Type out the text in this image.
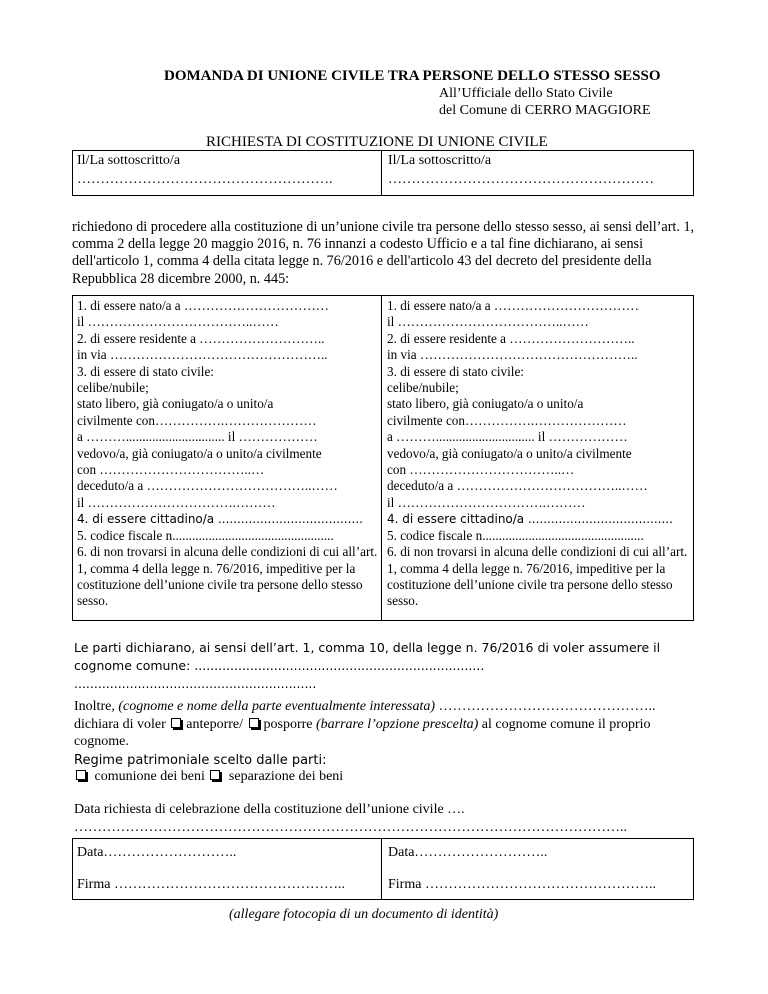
DOMANDA DI UNIONE CIVILE TRA PERSONE DELLO STESSO SESSO
All’Ufficiale dello Stato Civile
del Comune di CERRO MAGGIORE
RICHIESTA DI COSTITUZIONE DI UNIONE CIVILE
Il/La sottoscritto/a
……………………………………………….
Il/La sottoscritto/a
…………………………………………………
richiedono di procedere alla costituzione di un’unione civile tra persone dello stesso sesso, ai sensi dell’art. 1, comma 2 della legge 20 maggio 2016, n. 76 innanzi a codesto Ufficio e a tal fine dichiarano, ai sensi dell'articolo 1, comma 4 della citata legge n. 76/2016 e dell'articolo 43 del decreto del presidente della Repubblica 28 dicembre 2000, n. 445:
1. di essere nato/a a ……………………………
il ………………………………..……
2. di essere residente a ………………………..
in via …………………………………………..
3. di essere di stato civile:
celibe/nubile;
stato libero, già coniugato/a o unito/a
civilmente con…………….…………………
a ……….............................. il ………………
vedovo/a, già coniugato/a o unito/a civilmente
con ……………………………..…
deceduto/a a ………………………………..……
il …………………………….………
4. di essere cittadino/a ......................................
5. codice fiscale n.................................................
6. di non trovarsi in alcuna delle condizioni di cui all’art. 1, comma 4 della legge n. 76/2016, impeditive per la costituzione dell’unione civile tra persone dello stesso sesso.
1. di essere nato/a a ……………………………
il ………………………………..……
2. di essere residente a ………………………..
in via …………………………………………..
3. di essere di stato civile:
celibe/nubile;
stato libero, già coniugato/a o unito/a
civilmente con…………….…………………
a ……….............................. il ………………
vedovo/a, già coniugato/a o unito/a civilmente
con ……………………………..…
deceduto/a a ………………………………..……
il …………………………….………
4. di essere cittadino/a ......................................
5. codice fiscale n.................................................
6. di non trovarsi in alcuna delle condizioni di cui all’art. 1, comma 4 della legge n. 76/2016, impeditive per la costituzione dell’unione civile tra persone dello stesso sesso.
Le parti dichiarano, ai sensi dell’art. 1, comma 10, della legge n. 76/2016 di voler assumere il cognome comune: ......................................................................... .............................................................
Inoltre, (cognome e nome della parte eventualmente interessata) ………………………………………..
dichiara di voler anteporre/ posporre (barrare l’opzione prescelta) al cognome comune il proprio cognome.
Regime patrimoniale scelto dalle parti:
comunione dei beni separazione dei beni
Data richiesta di celebrazione della costituzione dell’unione civile …. ………………………………………………………………………………………………………..
Data………………………..
Firma …………………………………………..
Data………………………..
Firma …………………………………………..
(allegare fotocopia di un documento di identità)
